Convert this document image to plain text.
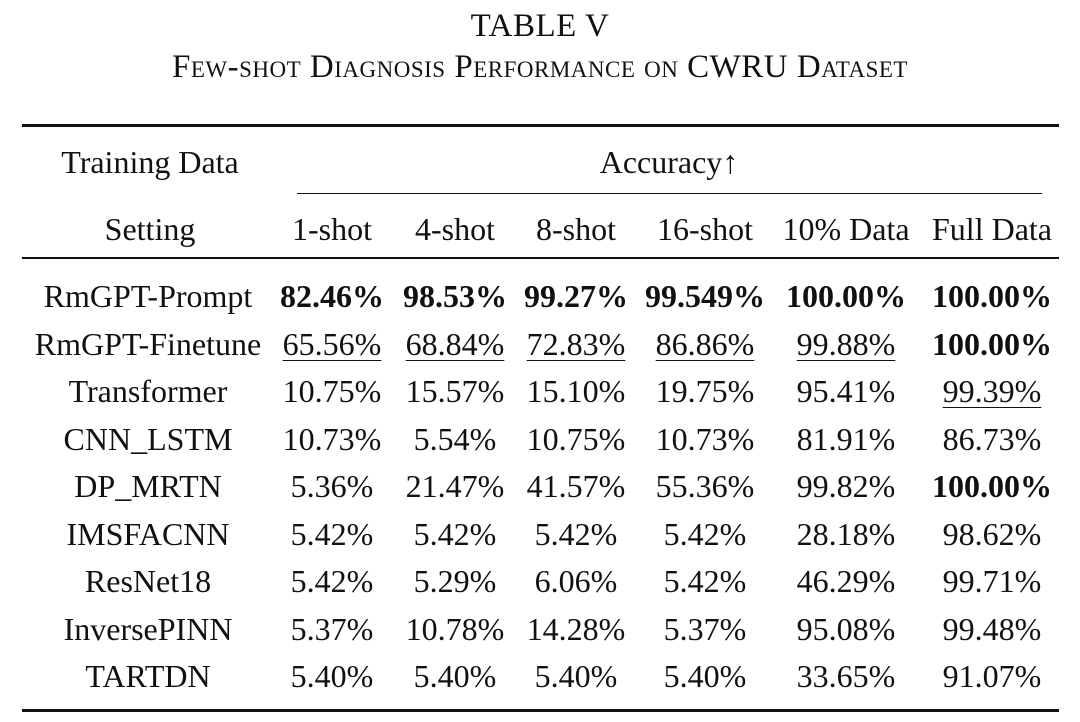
TABLE V
Few-shot Diagnosis Performance on CWRU Dataset
Training Data	Accuracy↑
Setting	1-shot 4-shot 8-shot 16-shot 10% Data Full Data
RmGPT-Prompt 82.46% 98.53% 99.27% 99.549% 100.00% 100.00%
RmGPT-Finetune 65.56% 68.84% 72.83% 86.86% 99.88% 100.00%
Transformer 10.75% 15.57% 15.10% 19.75% 95.41% 99.39%
CNN_LSTM 10.73% 5.54% 10.75% 10.73% 81.91% 86.73%
DP_MRTN 5.36% 21.47% 41.57% 55.36% 99.82% 100.00%
IMSFACNN 5.42% 5.42% 5.42% 5.42% 28.18% 98.62%
ResNet18 5.42% 5.29% 6.06% 5.42% 46.29% 99.71%
InversePINN 5.37% 10.78% 14.28% 5.37% 95.08% 99.48%
TARTDN	5.40% 5.40% 5.40% 5.40% 33.65% 91.07%
